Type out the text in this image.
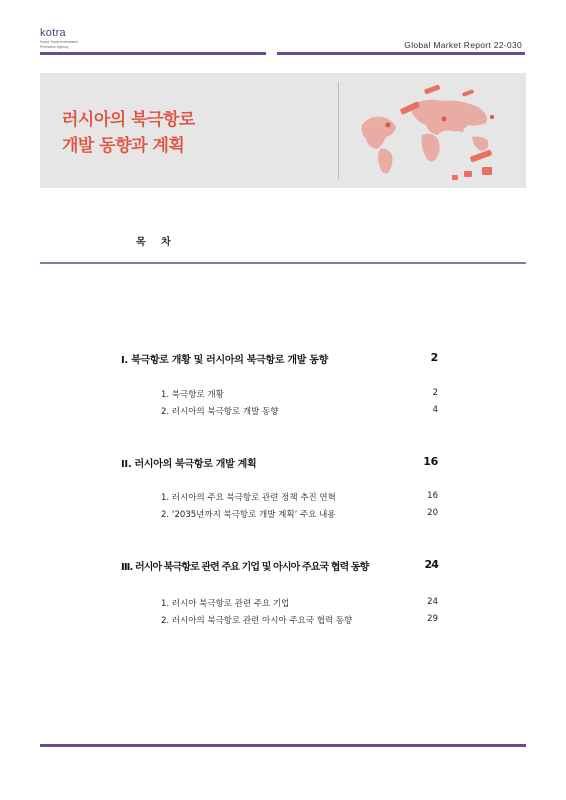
kotra
Korea Trade-Investment
Promotion Agency	Global Market Report 22-030
러시아의 북극항로
개발 동향과 계획
목 차
I. 북극항로 개황 및 러시아의 북극항로 개발 동향	2
1. 북극항로 개황	2
2. 러시아의 북극항로 개발 동향	4
II. 러시아의 북극항로 개발 계획	16
1. 러시아의 주요 북극항로 관련 정책 추진 연혁	16
2. ‘2035년까지 북극항로 개발 계획’ 주요 내용	20
III. 러시아 북극항로 관련 주요 기업 및 아시아 주요국 협력 동향	24
1. 러시아 북극항로 관련 주요 기업	24
2. 러시아의 북극항로 관련 아시아 주요국 협력 동향	29
